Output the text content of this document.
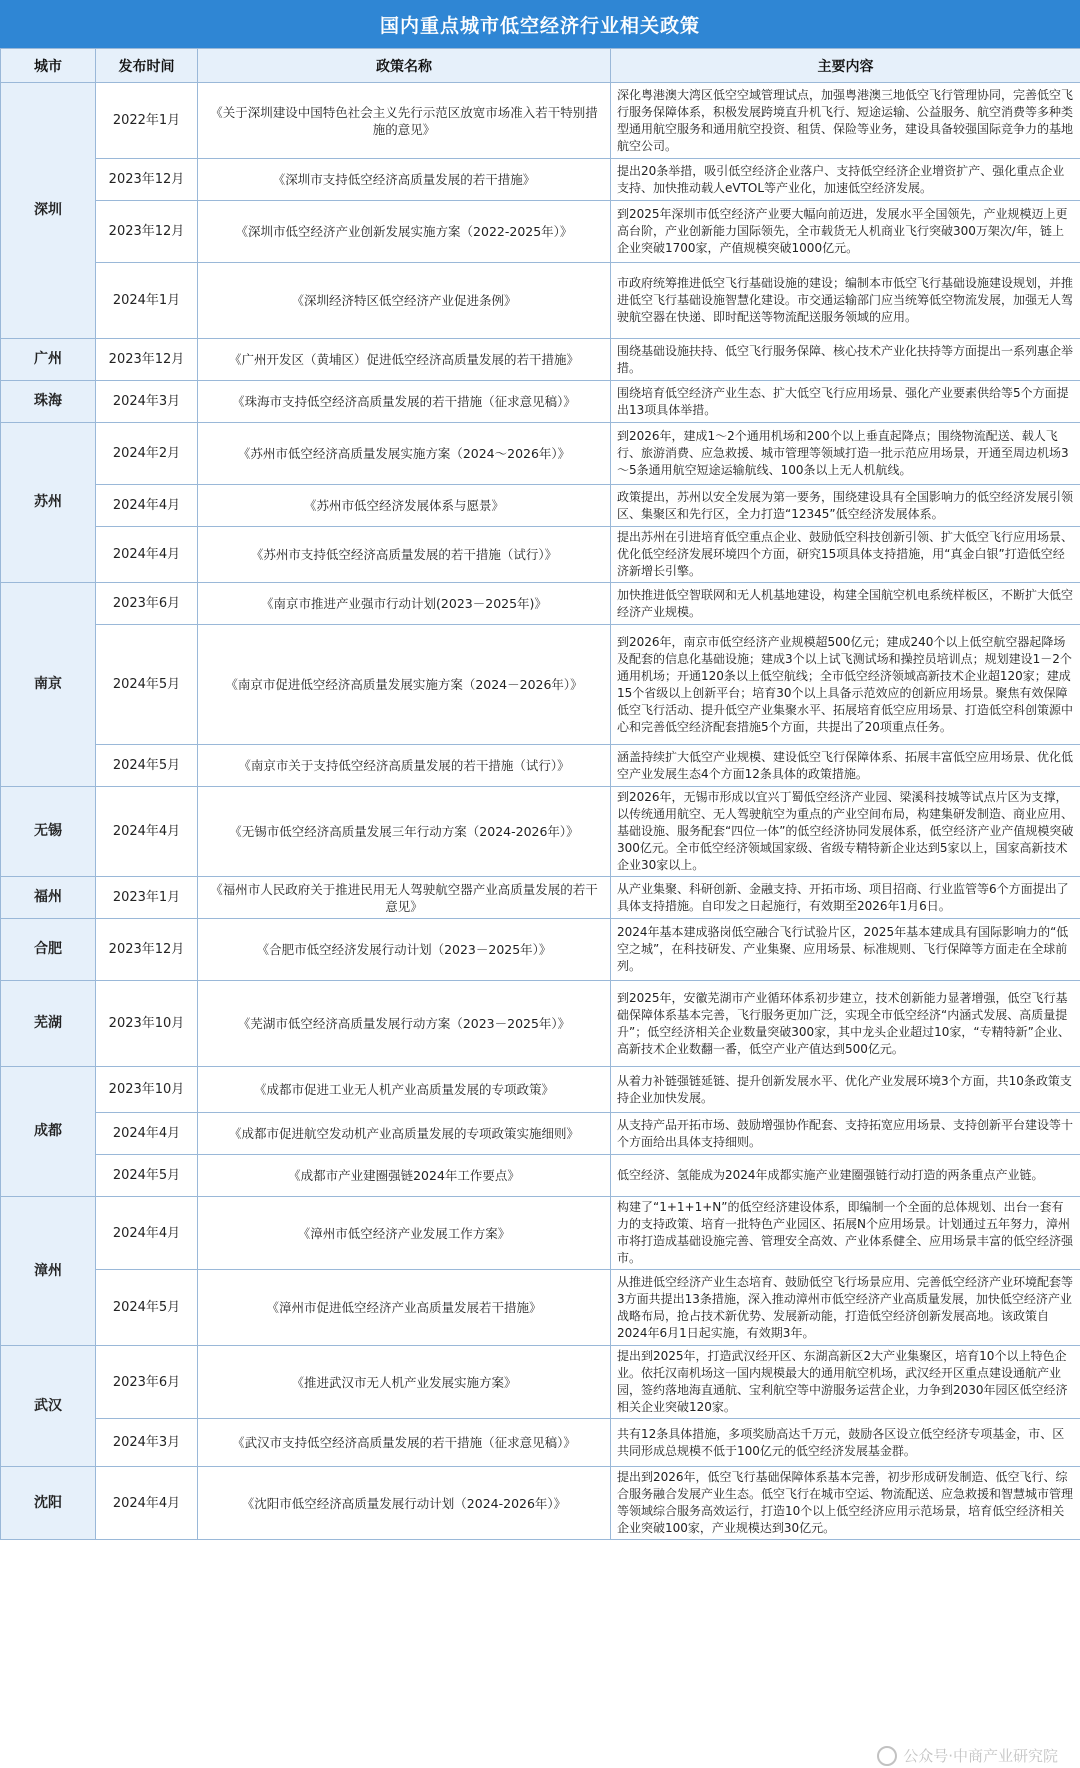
国内重点城市低空经济行业相关政策
城市	发布时间	政策名称	主要内容
深圳	2022年1月	《关于深圳建设中国特色社会主义先行示范区放宽市场准入若干特别措施的意见》	深化粤港澳大湾区低空空域管理试点，加强粤港澳三地低空飞行管理协同，完善低空飞行服务保障体系，积极发展跨境直升机飞行、短途运输、公益服务、航空消费等多种类型通用航空服务和通用航空投资、租赁、保险等业务，建设具备较强国际竞争力的基地航空公司。
	2023年12月	《深圳市支持低空经济高质量发展的若干措施》	提出20条举措，吸引低空经济企业落户、支持低空经济企业增资扩产、强化重点企业支持、加快推动载人eVTOL等产业化，加速低空经济发展。
	2023年12月	《深圳市低空经济产业创新发展实施方案（2022-2025年）》	到2025年深圳市低空经济产业要大幅向前迈进，发展水平全国领先，产业规模迈上更高台阶，产业创新能力国际领先，全市载货无人机商业飞行突破300万架次/年，链上企业突破1700家，产值规模突破1000亿元。
	2024年1月	《深圳经济特区低空经济产业促进条例》	市政府统筹推进低空飞行基础设施的建设；编制本市低空飞行基础设施建设规划，并推进低空飞行基础设施智慧化建设。市交通运输部门应当统筹低空物流发展，加强无人驾驶航空器在快递、即时配送等物流配送服务领域的应用。
广州	2023年12月	《广州开发区（黄埔区）促进低空经济高质量发展的若干措施》	围绕基础设施扶持、低空飞行服务保障、核心技术产业化扶持等方面提出一系列惠企举措。
珠海	2024年3月	《珠海市支持低空经济高质量发展的若干措施（征求意见稿）》	围绕培育低空经济产业生态、扩大低空飞行应用场景、强化产业要素供给等5个方面提出13项具体举措。
苏州	2024年2月	《苏州市低空经济高质量发展实施方案（2024～2026年）》	到2026年，建成1～2个通用机场和200个以上垂直起降点；围绕物流配送、载人飞行、旅游消费、应急救援、城市管理等领域打造一批示范应用场景，开通至周边机场3～5条通用航空短途运输航线、100条以上无人机航线。
	2024年4月	《苏州市低空经济发展体系与愿景》	政策提出，苏州以安全发展为第一要务，围绕建设具有全国影响力的低空经济发展引领区、集聚区和先行区，全力打造“12345”低空经济发展体系。
	2024年4月	《苏州市支持低空经济高质量发展的若干措施（试行）》	提出苏州在引进培育低空重点企业、鼓励低空科技创新引领、扩大低空飞行应用场景、优化低空经济发展环境四个方面，研究15项具体支持措施，用“真金白银”打造低空经济新增长引擎。
南京	2023年6月	《南京市推进产业强市行动计划(2023－2025年)》	加快推进低空智联网和无人机基地建设，构建全国航空机电系统样板区，不断扩大低空经济产业规模。
	2024年5月	《南京市促进低空经济高质量发展实施方案（2024－2026年）》	到2026年，南京市低空经济产业规模超500亿元；建成240个以上低空航空器起降场及配套的信息化基础设施；建成3个以上试飞测试场和操控员培训点；规划建设1－2个通用机场；开通120条以上低空航线；全市低空经济领域高新技术企业超120家；建成15个省级以上创新平台；培育30个以上具备示范效应的创新应用场景。聚焦有效保障低空飞行活动、提升低空产业集聚水平、拓展培育低空应用场景、打造低空科创策源中心和完善低空经济配套措施5个方面，共提出了20项重点任务。
	2024年5月	《南京市关于支持低空经济高质量发展的若干措施（试行）》	涵盖持续扩大低空产业规模、建设低空飞行保障体系、拓展丰富低空应用场景、优化低空产业发展生态4个方面12条具体的政策措施。
无锡	2024年4月	《无锡市低空经济高质量发展三年行动方案（2024-2026年）》	到2026年，无锡市形成以宜兴丁蜀低空经济产业园、梁溪科技城等试点片区为支撑，以传统通用航空、无人驾驶航空为重点的产业空间布局，构建集研发制造、商业应用、基础设施、服务配套“四位一体”的低空经济协同发展体系，低空经济产业产值规模突破300亿元。全市低空经济领域国家级、省级专精特新企业达到5家以上，国家高新技术企业30家以上。
福州	2023年1月	《福州市人民政府关于推进民用无人驾驶航空器产业高质量发展的若干意见》	从产业集聚、科研创新、金融支持、开拓市场、项目招商、行业监管等6个方面提出了具体支持措施。自印发之日起施行，有效期至2026年1月6日。
合肥	2023年12月	《合肥市低空经济发展行动计划（2023－2025年）》	2024年基本建成骆岗低空融合飞行试验片区，2025年基本建成具有国际影响力的“低空之城”，在科技研发、产业集聚、应用场景、标准规则、飞行保障等方面走在全球前列。
芜湖	2023年10月	《芜湖市低空经济高质量发展行动方案（2023－2025年）》	到2025年，安徽芜湖市产业循环体系初步建立，技术创新能力显著增强，低空飞行基础保障体系基本完善，飞行服务更加广泛，实现全市低空经济“内涵式发展、高质量提升”；低空经济相关企业数量突破300家，其中龙头企业超过10家，“专精特新”企业、高新技术企业数翻一番，低空产业产值达到500亿元。
成都	2023年10月	《成都市促进工业无人机产业高质量发展的专项政策》	从着力补链强链延链、提升创新发展水平、优化产业发展环境3个方面，共10条政策支持企业加快发展。
	2024年4月	《成都市促进航空发动机产业高质量发展的专项政策实施细则》	从支持产品开拓市场、鼓励增强协作配套、支持拓宽应用场景、支持创新平台建设等十个方面给出具体支持细则。
	2024年5月	《成都市产业建圈强链2024年工作要点》	低空经济、氢能成为2024年成都实施产业建圈强链行动打造的两条重点产业链。
漳州	2024年4月	《漳州市低空经济产业发展工作方案》	构建了“1+1+1+N”的低空经济建设体系，即编制一个全面的总体规划、出台一套有力的支持政策、培育一批特色产业园区、拓展N个应用场景。计划通过五年努力，漳州市将打造成基础设施完善、管理安全高效、产业体系健全、应用场景丰富的低空经济强市。
	2024年5月	《漳州市促进低空经济产业高质量发展若干措施》	从推进低空经济产业生态培育、鼓励低空飞行场景应用、完善低空经济产业环境配套等3方面共提出13条措施，深入推动漳州市低空经济产业高质量发展，加快低空经济产业战略布局，抢占技术新优势、发展新动能，打造低空经济创新发展高地。该政策自2024年6月1日起实施，有效期3年。
武汉	2023年6月	《推进武汉市无人机产业发展实施方案》	提出到2025年，打造武汉经开区、东湖高新区2大产业集聚区，培育10个以上特色企业。依托汉南机场这一国内规模最大的通用航空机场，武汉经开区重点建设通航产业园，签约落地海直通航、宝利航空等中游服务运营企业，力争到2030年园区低空经济相关企业突破120家。
	2024年3月	《武汉市支持低空经济高质量发展的若干措施（征求意见稿）》	共有12条具体措施，多项奖励高达千万元，鼓励各区设立低空经济专项基金，市、区共同形成总规模不低于100亿元的低空经济发展基金群。
沈阳	2024年4月	《沈阳市低空经济高质量发展行动计划（2024-2026年）》	提出到2026年，低空飞行基础保障体系基本完善，初步形成研发制造、低空飞行、综合服务融合发展产业生态。低空飞行在城市空运、物流配送、应急救援和智慧城市管理等领域综合服务高效运行，打造10个以上低空经济应用示范场景，培育低空经济相关企业突破100家，产业规模达到30亿元。
公众号·中商产业研究院
